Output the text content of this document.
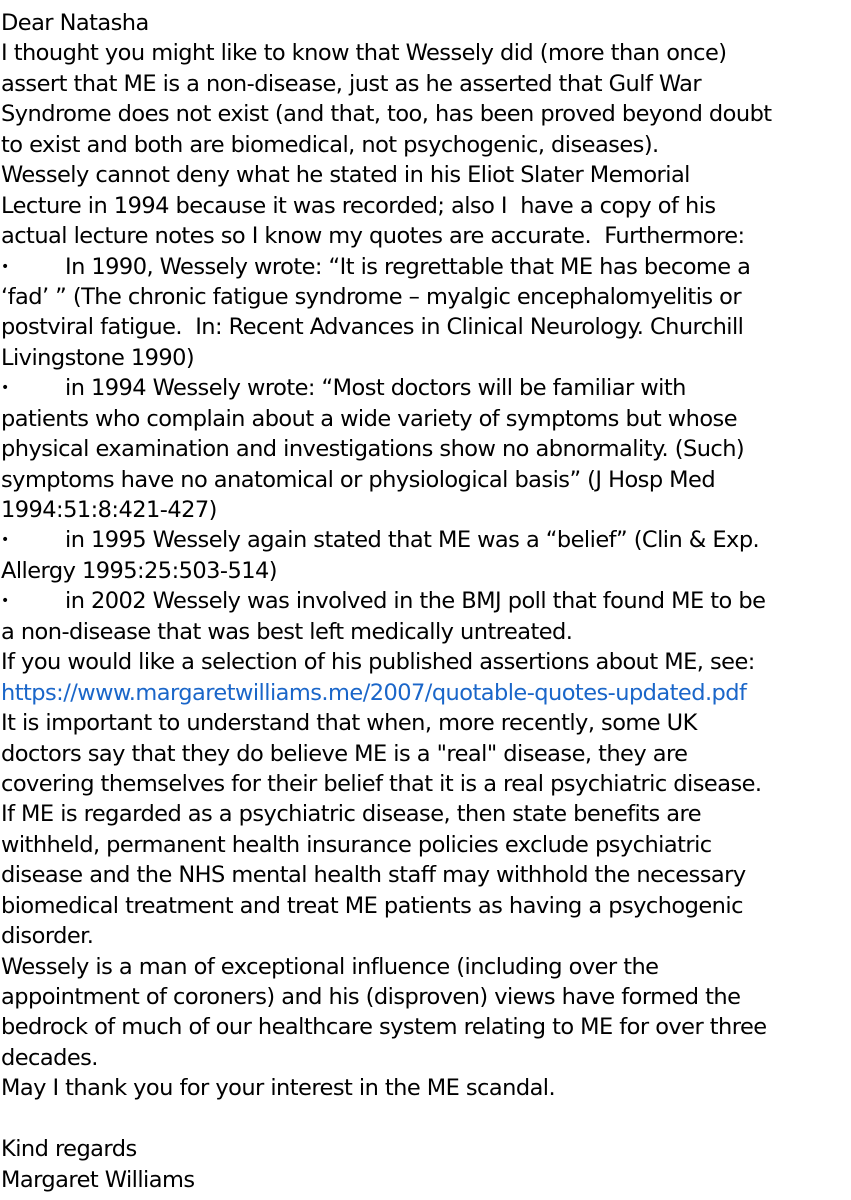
Dear Natasha
I thought you might like to know that Wessely did (more than once)
assert that ME is a non-disease, just as he asserted that Gulf War
Syndrome does not exist (and that, too, has been proved beyond doubt
to exist and both are biomedical, not psychogenic, diseases).
Wessely cannot deny what he stated in his Eliot Slater Memorial
Lecture in 1994 because it was recorded; also I  have a copy of his
actual lecture notes so I know my quotes are accurate.  Furthermore:
•	In 1990, Wessely wrote: “It is regrettable that ME has become a
‘fad’ ” (The chronic fatigue syndrome – myalgic encephalomyelitis or
postviral fatigue.  In: Recent Advances in Clinical Neurology. Churchill
Livingstone 1990)
•	in 1994 Wessely wrote: “Most doctors will be familiar with
patients who complain about a wide variety of symptoms but whose
physical examination and investigations show no abnormality. (Such)
symptoms have no anatomical or physiological basis” (J Hosp Med
1994:51:8:421-427)
•	in 1995 Wessely again stated that ME was a “belief” (Clin & Exp.
Allergy 1995:25:503-514)
•	in 2002 Wessely was involved in the BMJ poll that found ME to be
a non-disease that was best left medically untreated.
If you would like a selection of his published assertions about ME, see:
https://www.margaretwilliams.me/2007/quotable-quotes-updated.pdf
It is important to understand that when, more recently, some UK
doctors say that they do believe ME is a "real" disease, they are
covering themselves for their belief that it is a real psychiatric disease.
If ME is regarded as a psychiatric disease, then state benefits are
withheld, permanent health insurance policies exclude psychiatric
disease and the NHS mental health staff may withhold the necessary
biomedical treatment and treat ME patients as having a psychogenic
disorder.
Wessely is a man of exceptional influence (including over the
appointment of coroners) and his (disproven) views have formed the
bedrock of much of our healthcare system relating to ME for over three
decades.
May I thank you for your interest in the ME scandal.
Kind regards
Margaret Williams
